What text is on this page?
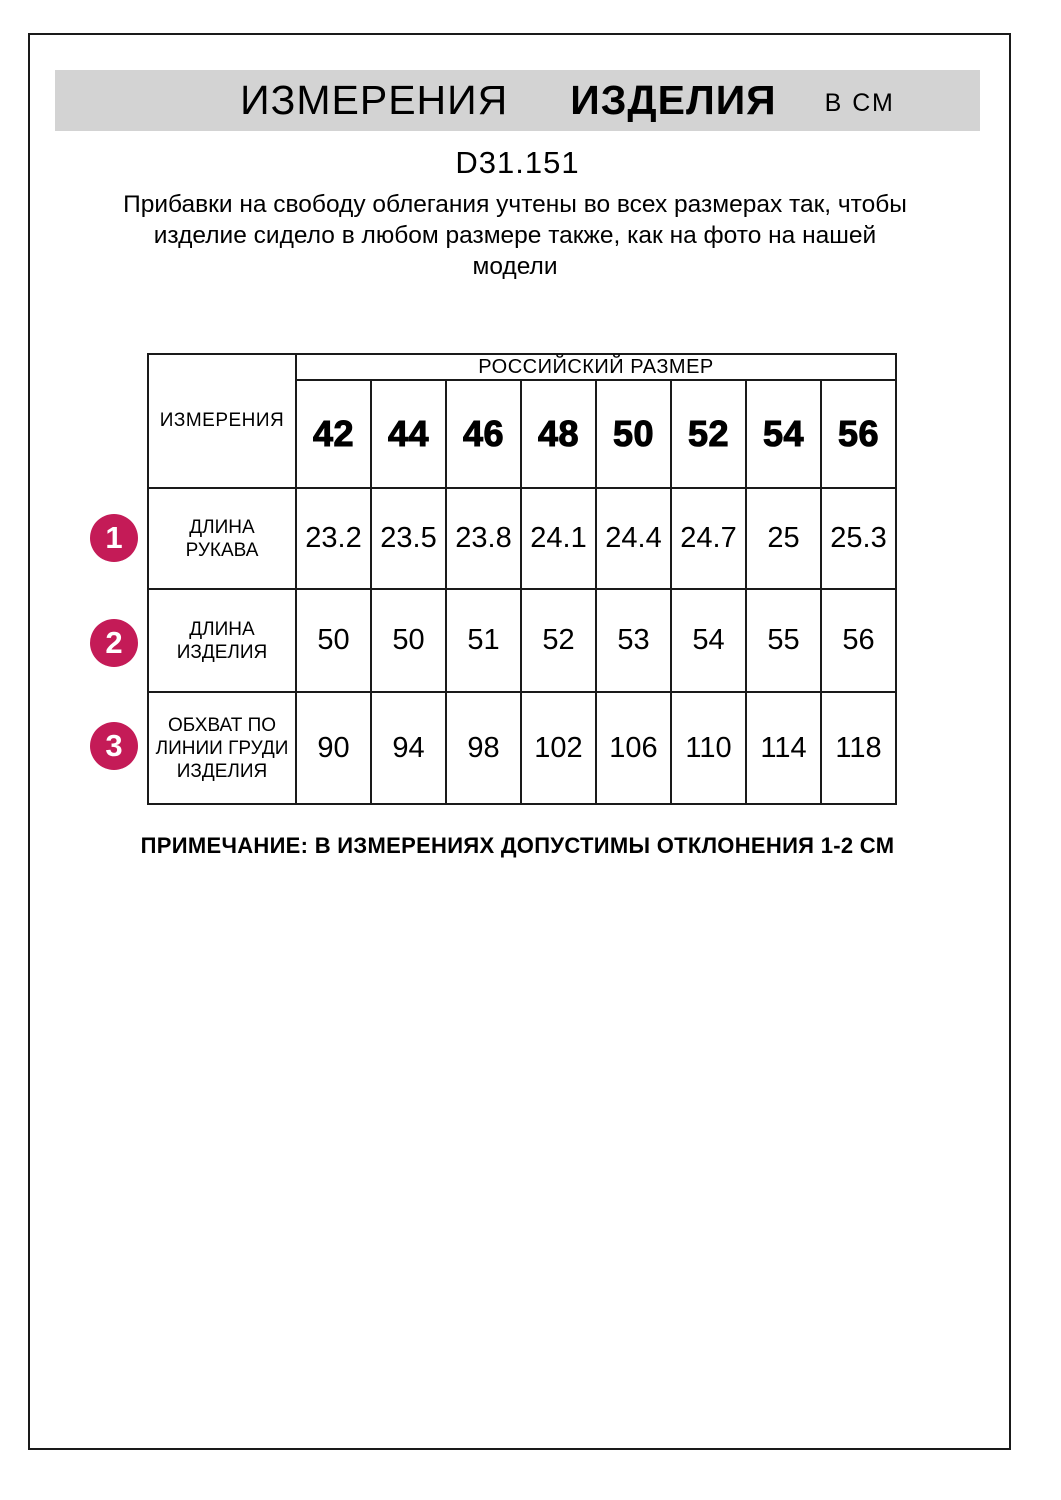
ИЗМЕРЕНИЯ ИЗДЕЛИЯ В СМ
D31.151
Прибавки на свободу облегания учтены во всех размерах так, чтобы
изделие сидело в любом размере также, как на фото на нашей
модели
ИЗМЕРЕНИЯ	РОССИЙСКИЙ РАЗМЕР							
	42	44	46	48	50	52	54	56

ДЛИНА РУКАВА	23.2	23.5	23.8	24.1	24.4	24.7	25	25.3

ДЛИНА
ИЗДЕЛИЯ	50	50	51	52	53	54	55	56

ОБХВАТ ПО
ЛИНИИ ГРУДИ
ИЗДЕЛИЯ	90	94	98	102	106	110	114	118
1
2
3
ПРИМЕЧАНИЕ: В ИЗМЕРЕНИЯХ ДОПУСТИМЫ ОТКЛОНЕНИЯ 1-2 СМ
